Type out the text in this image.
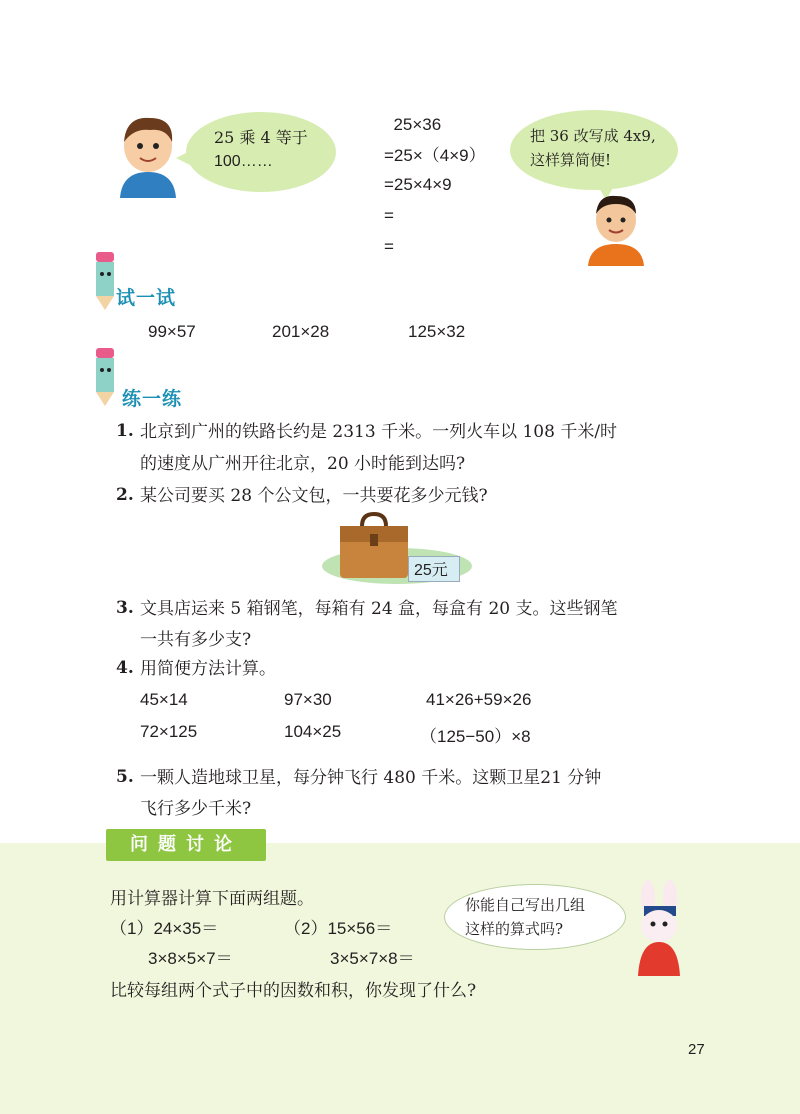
25 乘 4 等于
100……
25×36
=25×（4×9）
=25×4×9
=
=
把 36 改写成 4x9,
这样算简便!
试一试
99×57	201×28	125×32
练一练
1. 北京到广州的铁路长约是 2313 千米。一列火车以 108 千米/时
的速度从广州开往北京，20 小时能到达吗?
2. 某公司要买 28 个公文包，一共要花多少元钱?
25元
3. 文具店运来 5 箱钢笔，每箱有 24 盒，每盒有 20 支。这些钢笔
一共有多少支?
4. 用简便方法计算。
45×14	97×30	41×26+59×26
72×125	104×25	（125−50）×8
5. 一颗人造地球卫星，每分钟飞行 480 千米。这颗卫星21 分钟
飞行多少千米?
问题讨论
用计算器计算下面两组题。
（1）24×35＝
3×8×5×7＝
（2）15×56＝
3×5×7×8＝
比较每组两个式子中的因数和积，你发现了什么?
你能自己写出几组
这样的算式吗?
27
